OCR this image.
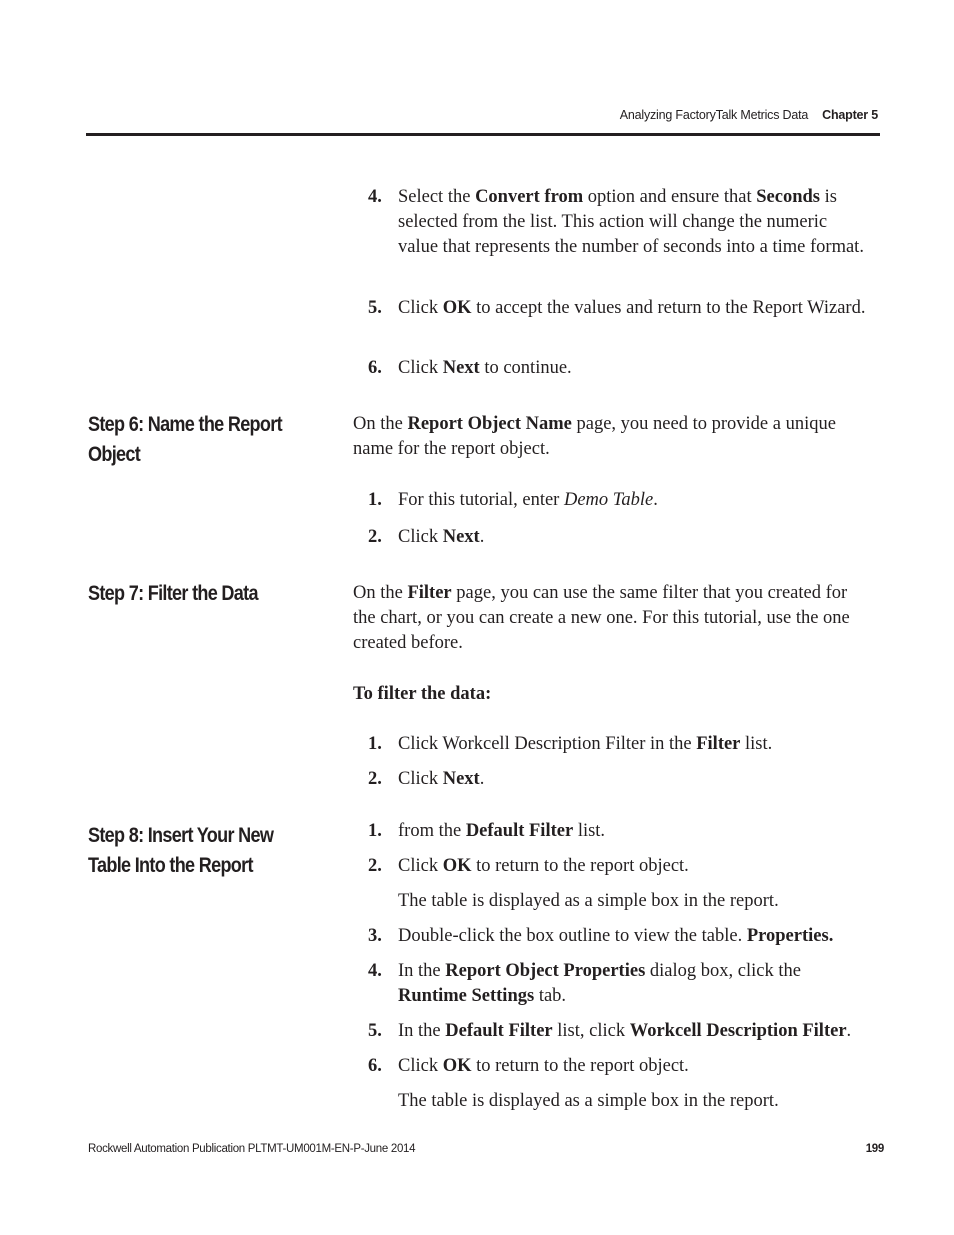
Analyzing FactoryTalk Metrics Data Chapter 5
4. Select the Convert from option and ensure that Seconds is selected from the list. This action will change the numeric value that represents the number of seconds into a time format.
5. Click OK to accept the values and return to the Report Wizard.
6. Click Next to continue.
Step 6: Name the Report Object
On the Report Object Name page, you need to provide a unique name for the report object.
1. For this tutorial, enter Demo Table.
2. Click Next.
Step 7: Filter the Data	On the Filter page, you can use the same filter that you created for the chart, or you can create a new one. For this tutorial, use the one created before.
To filter the data:
1. Click Workcell Description Filter in the Filter list.
2. Click Next.
Step 8: Insert Your New Table Into the Report
1. from the Default Filter list.
2. Click OK to return to the report object.
The table is displayed as a simple box in the report.
3. Double-click the box outline to view the table. Properties.
4. In the Report Object Properties dialog box, click the Runtime Settings tab.
5. In the Default Filter list, click Workcell Description Filter.
6. Click OK to return to the report object.
The table is displayed as a simple box in the report.
Rockwell Automation Publication PLTMT-UM001M-EN-P-June 2014	199
